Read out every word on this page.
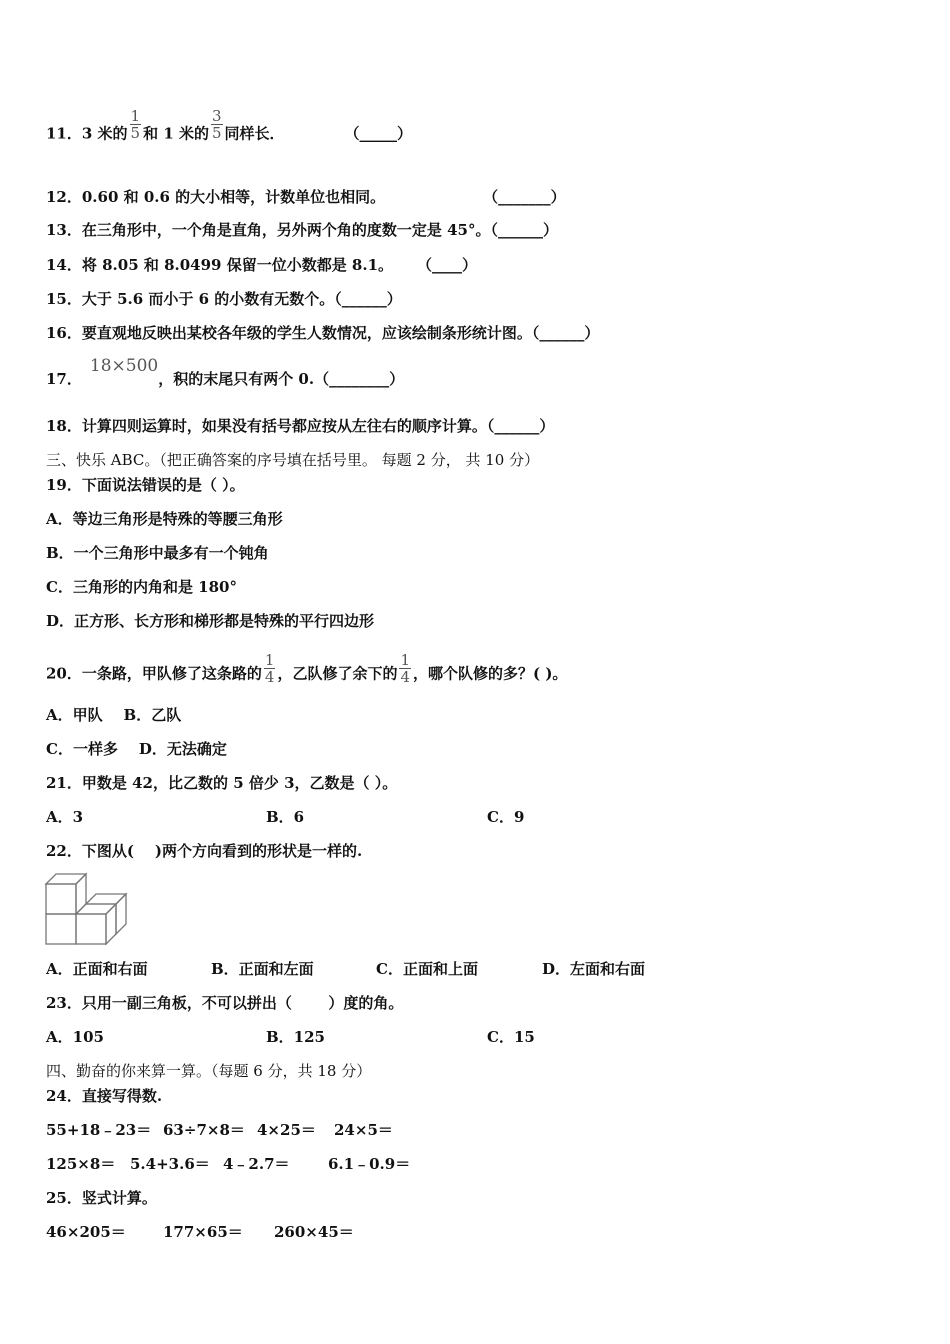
11．3 米的 $\frac{1}{5}$ 和 1 米的 $\frac{3}{5}$ 同样长．	（_____）
12．0.60 和 0.6 的大小相等，计数单位也相同。	（_______）
13．在三角形中，一个角是直角，另外两个角的度数一定是 45°。（______）
14．将 8.05 和 8.0499 保留一位小数都是 8.1。 （____）
15．大于 5.6 而小于 6 的小数有无数个。（______）
16．要直观地反映出某校各年级的学生人数情况，应该绘制条形统计图。（______）
17．18×500，积的末尾只有两个 0.（________）
18．计算四则运算时，如果没有括号都应按从左往右的顺序计算。（______）
三、快乐 ABC。（把正确答案的序号填在括号里。 每题 2 分， 共 10 分）
19．下面说法错误的是（ ）。
A．等边三角形是特殊的等腰三角形
B．一个三角形中最多有一个钝角
C．三角形的内角和是 180°
D．正方形、长方形和梯形都是特殊的平行四边形
20．一条路，甲队修了这条路的 $\frac{1}{4}$ ，乙队修了余下的 $\frac{1}{4}$ ，哪个队修的多？( )。
A．甲队    B．乙队
C．一样多    D．无法确定
21．甲数是 42，比乙数的 5 倍少 3，乙数是（ ）。
A．3	B．6	C．9
22．下图从(    )两个方向看到的形状是一样的.
A．正面和右面	B．正面和左面	C．正面和上面	D．左面和右面
23．只用一副三角板，不可以拼出（       ）度的角。
A．105	B．125	C．15
四、勤奋的你来算一算。（每题 6 分，共 18 分）
24．直接写得数.
55+18﹣23＝ 63÷7×8＝ 4×25＝ 24×5＝
125×8＝ 5.4+3.6＝ 4﹣2.7＝	6.1﹣0.9＝
25．竖式计算。
46×205＝ 177×65＝ 260×45＝
